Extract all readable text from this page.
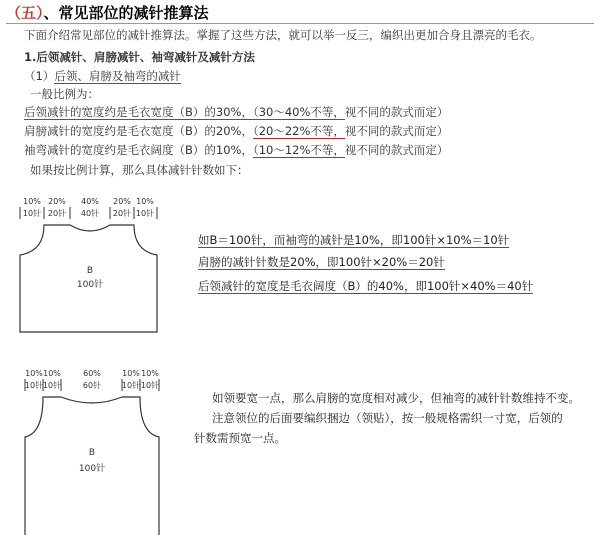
（五）、常见部位的减针推算法
下面介绍常见部位的减针推算法。掌握了这些方法，就可以举一反三，编织出更加合身且漂亮的毛衣。
1.后领减针、肩膀减针、袖弯减针及减针方法
（1）后领、肩膀及袖弯的减针
一般比例为：
后领减针的宽度约是毛衣宽度（B）的30%，（30～40%不等，视不同的款式而定）
肩膀减针的宽度约是毛衣宽度（B）的20%，（20～22%不等，视不同的款式而定）
袖弯减针的宽度约是毛衣阔度（B）的10%，（10～12%不等，视不同的款式而定）
如果按比例计算，那么具体减针针数如下：
10% 20% 40% 20% 10%
10针 20针 40针 20针 10针
B
100针
如B＝100针，而袖弯的减针是10%，即100针×10%＝10针
肩膀的减针针数是20%，即100针×20%＝20针
后领减针的宽度是毛衣阔度（B）的40%，即100针×40%＝40针
10% 10%	60%	10% 10%
10针 10针	60针	10针 10针
B
100针
如领要宽一点，那么肩膀的宽度相对减少，但袖弯的减针针数维持不变。
注意领位的后面要编织捆边（领贴），按一般规格需织一寸宽，后领的
针数需预宽一点。
